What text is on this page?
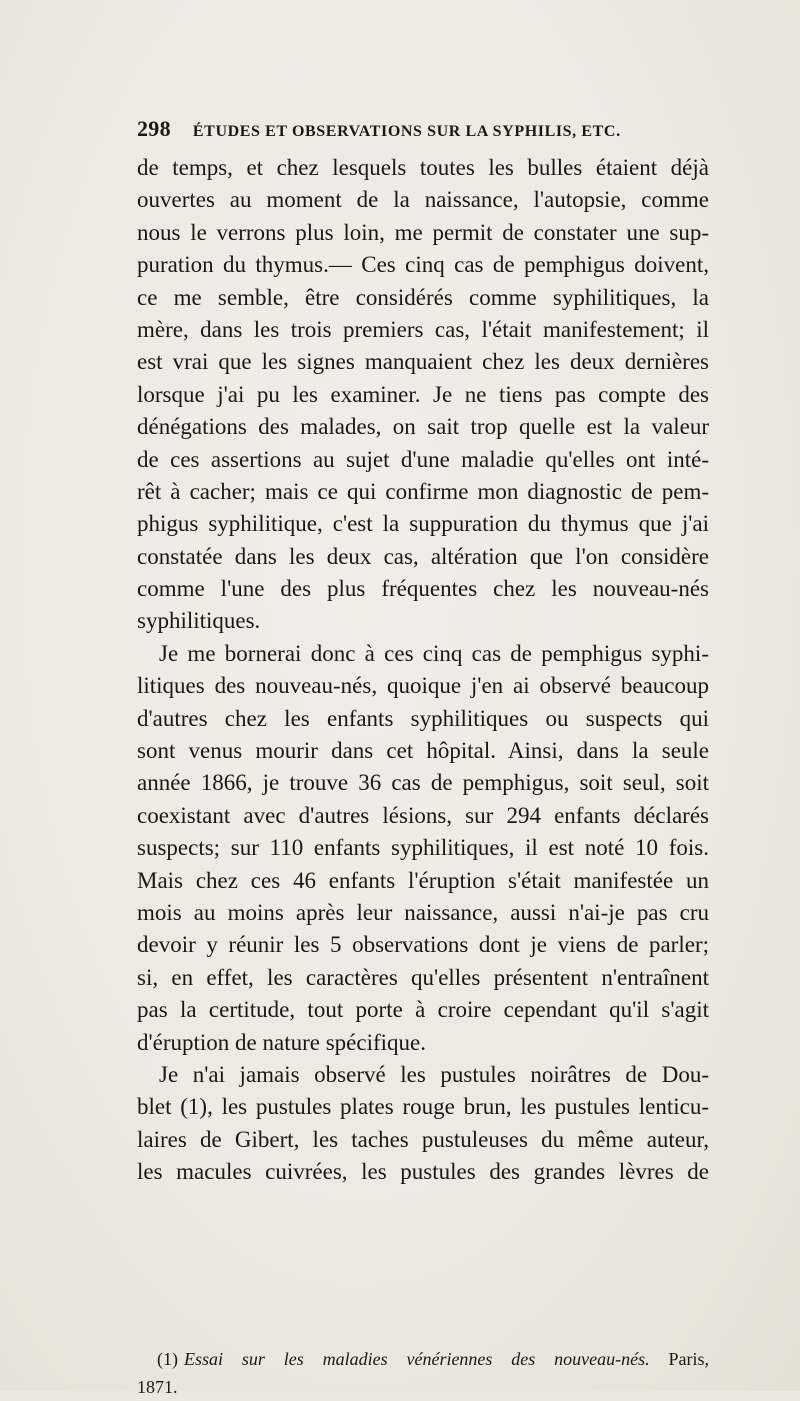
298 ÉTUDES ET OBSERVATIONS SUR LA SYPHILIS, ETC.
de temps, et chez lesquels toutes les bulles étaient déjà
ouvertes au moment de la naissance, l'autopsie, comme
nous le verrons plus loin, me permit de constater une sup-
puration du thymus.— Ces cinq cas de pemphigus doivent,
ce me semble, être considérés comme syphilitiques, la
mère, dans les trois premiers cas, l'était manifestement; il
est vrai que les signes manquaient chez les deux dernières
lorsque j'ai pu les examiner. Je ne tiens pas compte des
dénégations des malades, on sait trop quelle est la valeur
de ces assertions au sujet d'une maladie qu'elles ont inté-
rêt à cacher; mais ce qui confirme mon diagnostic de pem-
phigus syphilitique, c'est la suppuration du thymus que j'ai
constatée dans les deux cas, altération que l'on considère
comme l'une des plus fréquentes chez les nouveau-nés
syphilitiques.
Je me bornerai donc à ces cinq cas de pemphigus syphi-
litiques des nouveau-nés, quoique j'en ai observé beaucoup
d'autres chez les enfants syphilitiques ou suspects qui
sont venus mourir dans cet hôpital. Ainsi, dans la seule
année 1866, je trouve 36 cas de pemphigus, soit seul, soit
coexistant avec d'autres lésions, sur 294 enfants déclarés
suspects; sur 110 enfants syphilitiques, il est noté 10 fois.
Mais chez ces 46 enfants l'éruption s'était manifestée un
mois au moins après leur naissance, aussi n'ai-je pas cru
devoir y réunir les 5 observations dont je viens de parler;
si, en effet, les caractères qu'elles présentent n'entraînent
pas la certitude, tout porte à croire cependant qu'il s'agit
d'éruption de nature spécifique.
Je n'ai jamais observé les pustules noirâtres de Dou-
blet (1), les pustules plates rouge brun, les pustules lenticu-
laires de Gibert, les taches pustuleuses du même auteur,
les macules cuivrées, les pustules des grandes lèvres de
(1) Essai sur les maladies vénériennes des nouveau-nés. Paris,
1871.
